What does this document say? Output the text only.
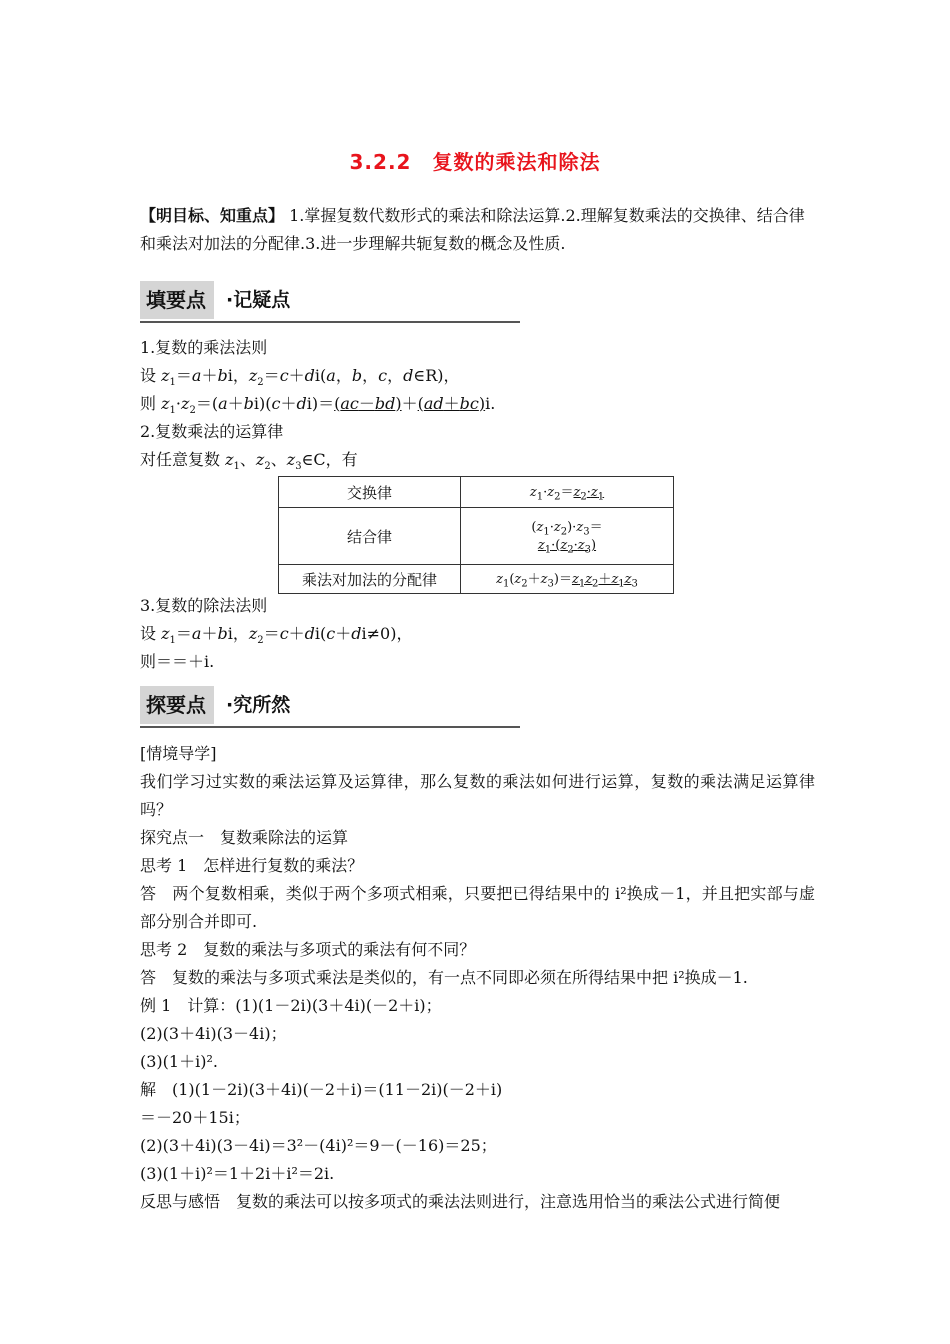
3.2.2　复数的乘法和除法
【明目标、知重点】 1.掌握复数代数形式的乘法和除法运算.2.理解复数乘法的交换律、结合律和乘法对加法的分配律.3.进一步理解共轭复数的概念及性质.
填要点	·记疑点
1.复数的乘法法则
设 $z_1=a+bi$，$z_2=c+di(a$，b，c，d∈R)，
则 $z_1\cdot z_2=(a+bi)(c+di)=(ac-bd)+(ad+bc)i$.
2.复数乘法的运算律
对任意复数 $z_1$、$z_2$、$z_3\in C$，有
交换律	$z_1\cdot z_2=z_2\cdot z_1$
结合律	$(z_1\cdot z_2)\cdot z_3=$
$z_1\cdot(z_2\cdot z_3)$
乘法对加法的分配律	$z_1(z_2+z_3)=z_1z_2+z_1z_3$
3.复数的除法法则
设 $z_1=a+bi$，$z_2=c+di(c+di\ne 0)$，
则＝＝＋i.
探要点	·究所然
[情境导学]
我们学习过实数的乘法运算及运算律，那么复数的乘法如何进行运算，复数的乘法满足运算律吗？
探究点一　复数乘除法的运算
思考 1　怎样进行复数的乘法？
答　两个复数相乘，类似于两个多项式相乘，只要把已得结果中的 i²换成－1，并且把实部与虚部分别合并即可.
思考 2　复数的乘法与多项式的乘法有何不同？
答　复数的乘法与多项式乘法是类似的，有一点不同即必须在所得结果中把 i²换成－1.
例 1　计算：(1)(1－2i)(3＋4i)(－2＋i)；
(2)(3＋4i)(3－4i)；
(3)(1＋i)².
解　(1)(1－2i)(3＋4i)(－2＋i)＝(11－2i)(－2＋i)
＝－20＋15i；
(2)(3＋4i)(3－4i)＝3²－(4i)²＝9－(－16)＝25；
(3)(1＋i)²＝1＋2i＋i²＝2i.
反思与感悟　复数的乘法可以按多项式的乘法法则进行，注意选用恰当的乘法公式进行简便
